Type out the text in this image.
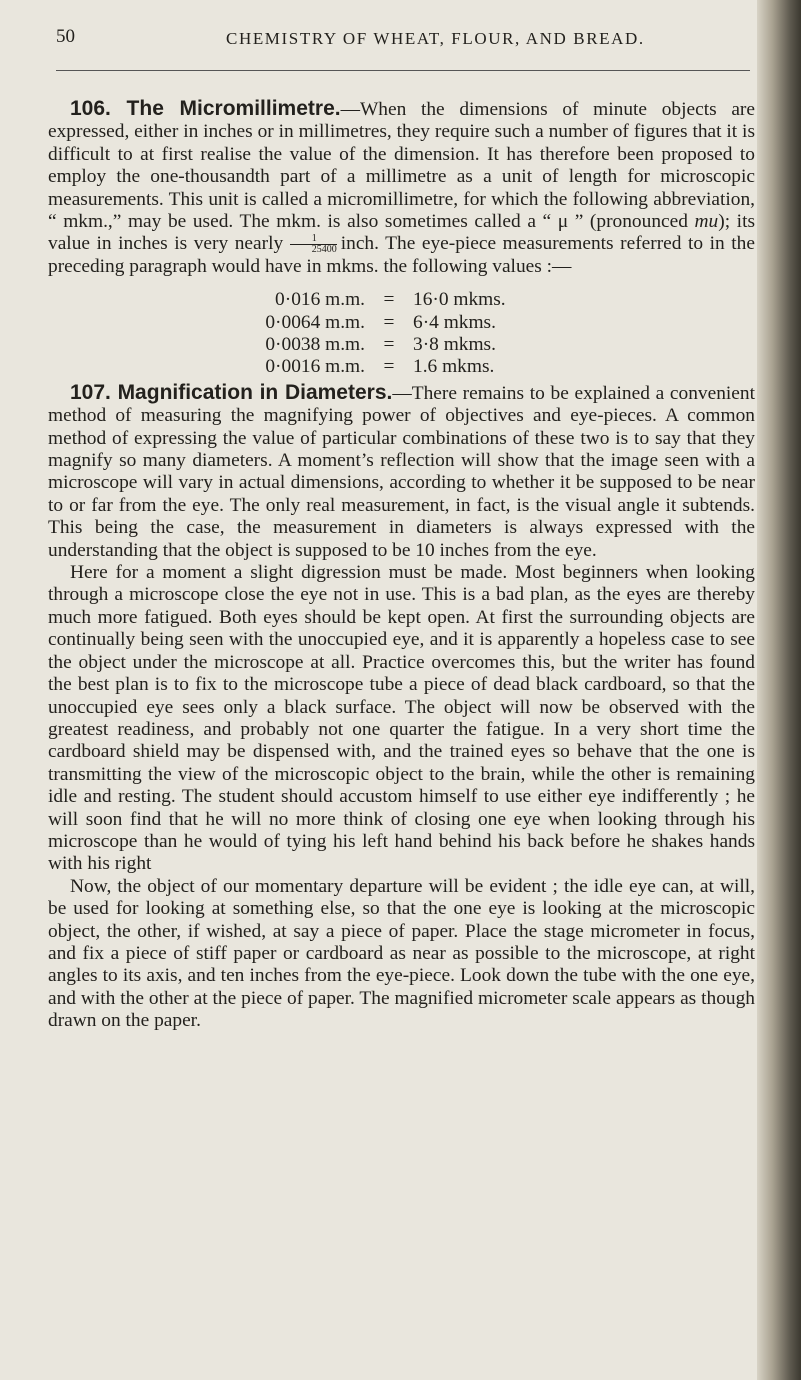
50	CHEMISTRY OF WHEAT, FLOUR, AND BREAD.

106. The Micromillimetre.—When the dimensions of minute objects are expressed, either in inches or in millimetres, they require such a number of figures that it is difficult to at first realise the value of the dimension. It has therefore been proposed to employ the one-thousandth part of a millimetre as a unit of length for microscopic measurements. This unit is called a micromillimetre, for which the following abbreviation, “ mkm.,” may be used. The mkm. is also sometimes called a “ μ ” (pronounced mu); its value in inches is very nearly $\frac{1}{25400}$ inch. The eye-piece measurements referred to in the preceding paragraph would have in mkms. the following values :—

0·016 m.m. = 16·0 mkms.
0·0064 m.m. = 6·4 mkms.
0·0038 m.m. = 3·8 mkms.
0·0016 m.m. = 1.6 mkms.

107. Magnification in Diameters.—There remains to be explained a convenient method of measuring the magnifying power of objectives and eye-pieces. A common method of expressing the value of particular combinations of these two is to say that they magnify so many diameters. A moment’s reflection will show that the image seen with a microscope will vary in actual dimensions, according to whether it be supposed to be near to or far from the eye. The only real measurement, in fact, is the visual angle it subtends. This being the case, the measurement in diameters is always expressed with the understanding that the object is supposed to be 10 inches from the eye.

Here for a moment a slight digression must be made. Most beginners when looking through a microscope close the eye not in use. This is a bad plan, as the eyes are thereby much more fatigued. Both eyes should be kept open. At first the surrounding objects are continually being seen with the unoccupied eye, and it is apparently a hopeless case to see the object under the microscope at all. Practice overcomes this, but the writer has found the best plan is to fix to the microscope tube a piece of dead black cardboard, so that the unoccupied eye sees only a black surface. The object will now be observed with the greatest readiness, and probably not one quarter the fatigue. In a very short time the cardboard shield may be dispensed with, and the trained eyes so behave that the one is transmitting the view of the microscopic object to the brain, while the other is remaining idle and resting. The student should accustom himself to use either eye indifferently ; he will soon find that he will no more think of closing one eye when looking through his microscope than he would of tying his left hand behind his back before he shakes hands with his right

Now, the object of our momentary departure will be evident ; the idle eye can, at will, be used for looking at something else, so that the one eye is looking at the microscopic object, the other, if wished, at say a piece of paper. Place the stage micrometer in focus, and fix a piece of stiff paper or cardboard as near as possible to the microscope, at right angles to its axis, and ten inches from the eye-piece. Look down the tube with the one eye, and with the other at the piece of paper. The magnified micrometer scale appears as though drawn on the paper.
